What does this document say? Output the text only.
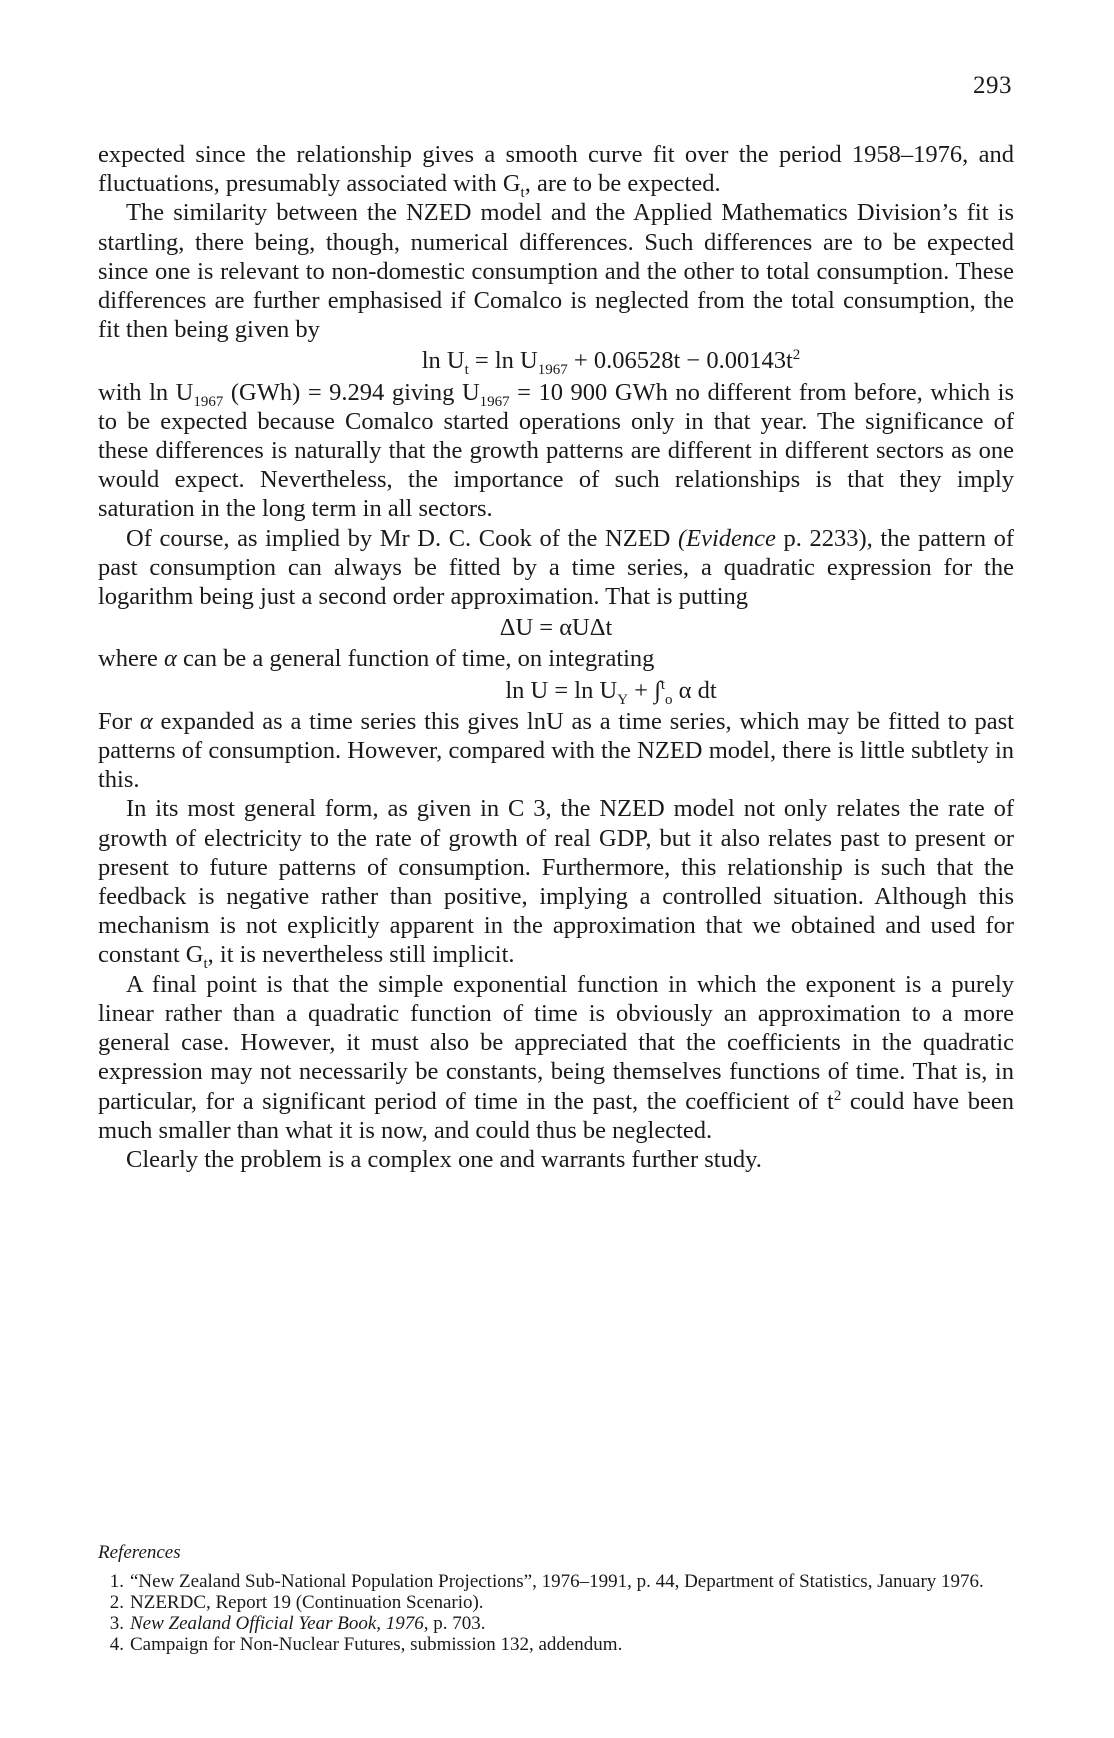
293

expected since the relationship gives a smooth curve fit over the period 1958–1976, and fluctuations, presumably associated with $G_t$, are to be expected.

The similarity between the NZED model and the Applied Mathematics Division’s fit is startling, there being, though, numerical differences. Such differences are to be expected since one is relevant to non-domestic consumption and the other to total consumption. These differences are further emphasised if Comalco is neglected from the total consumption, the fit then being given by

$\ln U_t = \ln U_{1967} + 0.06528t - 0.00143t^2$

with $\ln U_{1967}$ (GWh) = 9.294 giving $U_{1967} = 10$ 900 GWh no different from before, which is to be expected because Comalco started operations only in that year. The significance of these differences is naturally that the growth patterns are different in different sectors as one would expect. Nevertheless, the importance of such relationships is that they imply saturation in the long term in all sectors.

Of course, as implied by Mr D. C. Cook of the NZED (Evidence p. 2233), the pattern of past consumption can always be fitted by a time series, a quadratic expression for the logarithm being just a second order approximation. That is putting

ΔU = αUΔt

where α can be a general function of time, on integrating

$\ln U = \ln U_Y + \int^t_o$ α dt

For α expanded as a time series this gives lnU as a time series, which may be fitted to past patterns of consumption. However, compared with the NZED model, there is little subtlety in this.

In its most general form, as given in C 3, the NZED model not only relates the rate of growth of electricity to the rate of growth of real GDP, but it also relates past to present or present to future patterns of consumption. Furthermore, this relationship is such that the feedback is negative rather than positive, implying a controlled situation. Although this mechanism is not explicitly apparent in the approximation that we obtained and used for constant $G_t$, it is nevertheless still implicit.

A final point is that the simple exponential function in which the exponent is a purely linear rather than a quadratic function of time is obviously an approximation to a more general case. However, it must also be appreciated that the coefficients in the quadratic expression may not necessarily be constants, being themselves functions of time. That is, in particular, for a significant period of time in the past, the coefficient of $t^2$ could have been much smaller than what it is now, and could thus be neglected.

Clearly the problem is a complex one and warrants further study.

References
1. “New Zealand Sub-National Population Projections”, 1976–1991, p. 44, Department of Statistics, January 1976.
2. NZERDC, Report 19 (Continuation Scenario).
3. New Zealand Official Year Book, 1976, p. 703.
4. Campaign for Non-Nuclear Futures, submission 132, addendum.
